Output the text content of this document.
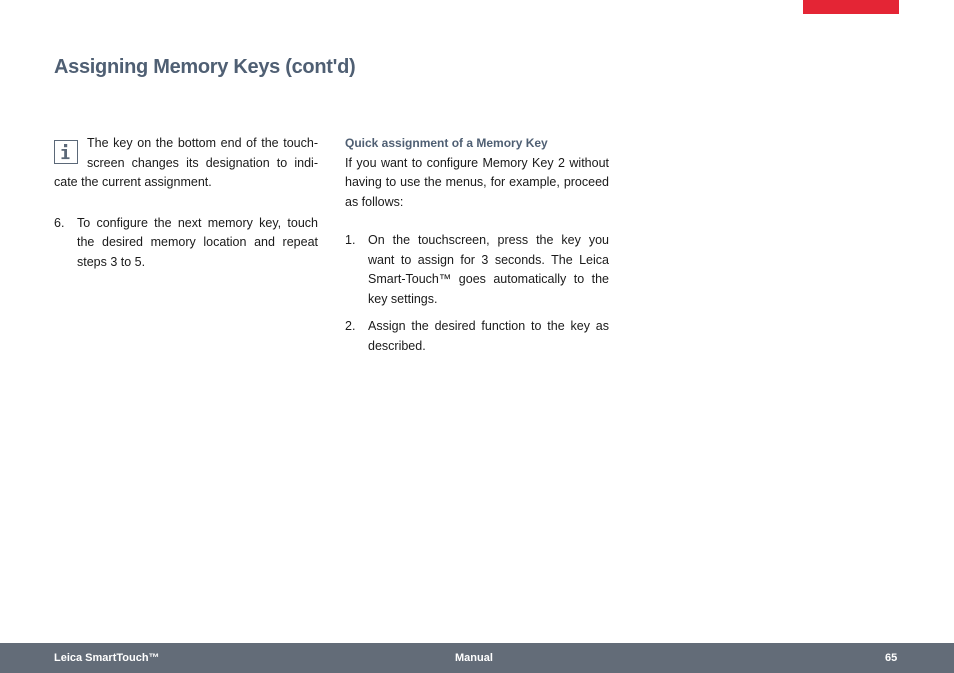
Assigning Memory Keys (cont'd)
The key on the bottom end of the touch-screen changes its designation to indi-cate the current assignment.
6. To configure the next memory key, touch the desired memory location and repeat steps 3 to 5.
Quick assignment of a Memory Key
If you want to configure Memory Key 2 without having to use the menus, for example, proceed as follows:
1. On the touchscreen, press the key you want to assign for 3 seconds. The Leica Smart-Touch™ goes automatically to the key settings.
2. Assign the desired function to the key as described.
Leica SmartTouch™	Manual	65
